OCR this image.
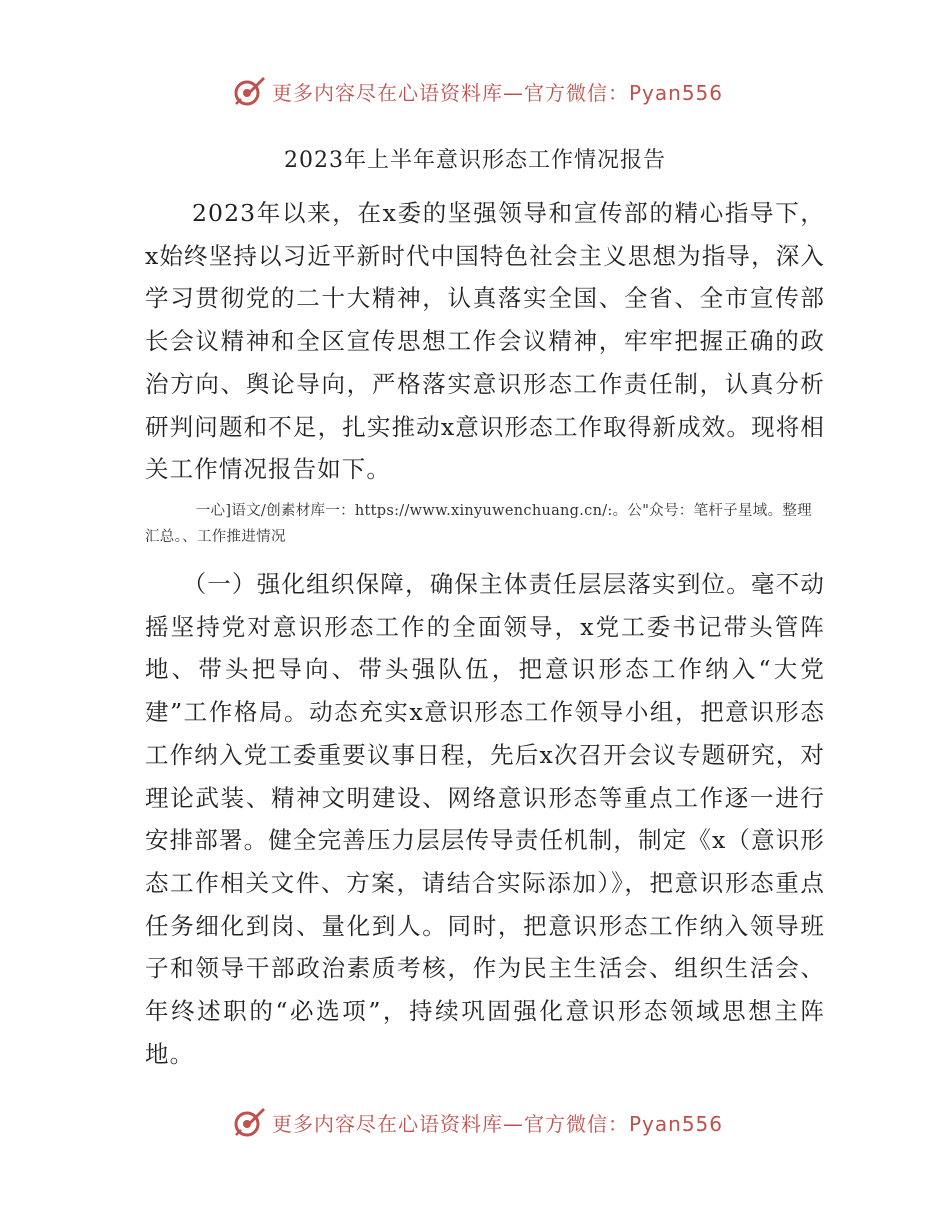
更多内容尽在心语资料库—官方微信：Pyan556
2023年上半年意识形态工作情况报告

2023年以来，在x委的坚强领导和宣传部的精心指导下，x始终坚持以习近平新时代中国特色社会主义思想为指导，深入学习贯彻党的二十大精神，认真落实全国、全省、全市宣传部长会议精神和全区宣传思想工作会议精神，牢牢把握正确的政治方向、舆论导向，严格落实意识形态工作责任制，认真分析研判问题和不足，扎实推动x意识形态工作取得新成效。现将相关工作情况报告如下。

一心]语文/创素材库一：https://www.xinyuwenchuang.cn/:。公"众号：笔杆子星域。整理汇总。、工作推进情况

（一）强化组织保障，确保主体责任层层落实到位。毫不动摇坚持党对意识形态工作的全面领导，x党工委书记带头管阵地、带头把导向、带头强队伍，把意识形态工作纳入“大党建”工作格局。动态充实x意识形态工作领导小组，把意识形态工作纳入党工委重要议事日程，先后x次召开会议专题研究，对理论武装、精神文明建设、网络意识形态等重点工作逐一进行安排部署。健全完善压力层层传导责任机制，制定《x（意识形态工作相关文件、方案，请结合实际添加）》，把意识形态重点任务细化到岗、量化到人。同时，把意识形态工作纳入领导班子和领导干部政治素质考核，作为民主生活会、组织生活会、年终述职的“必选项”，持续巩固强化意识形态领域思想主阵地。

更多内容尽在心语资料库—官方微信：Pyan556
